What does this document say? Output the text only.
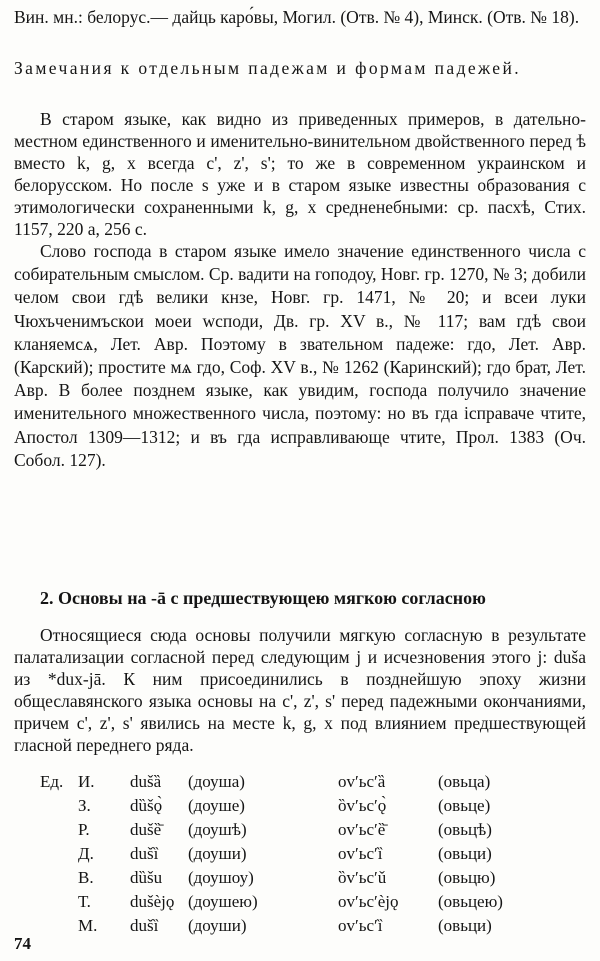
Вин. мн.: белорус.— дайць каро́вы, Могил. (Отв. № 4), Минск. (Отв. № 18).

Замечания к отдельным падежам и формам падежей.

В старом языке, как видно из приведенных примеров, в дательно-местном единственного и именительно-винительном двойственного перед ѣ вместо k, g, x всегда c', z', s'; то же в современном украинском и белорусском. Но после s уже и в старом языке известны образования с этимологически сохраненными k, g, x средненебными: ср. пасхѣ, Стих. 1157, 220 а, 256 с.

Слово господа в старом языке имело значение единственного числа с собирательным смыслом. Ср. вадити на гоподоу, Новг. гр. 1270, № 3; добили челом свои гдѣ велики кнзе, Новг. гр. 1471, № 20; и всеи луки Чюхъченимъскои моеи wсподи, Дв. гр. XV в., № 117; вам гдѣ свои кланяемсѧ, Лет. Авр. Поэтому в звательном падеже: гдо, Лет. Авр. (Карский); простите мѧ гдо, Соф. XV в., № 1262 (Каринский); гдо брат, Лет. Авр. В более позднем языке, как увидим, господа получило значение именительного множественного числа, поэтому: но въ гда iсправаче чтите, Апостол 1309—1312; и въ гда исправливающе чтите, Прол. 1383 (Оч. Собол. 127).

2. Основы на -ā с предшествующею мягкою согласною

Относящиеся сюда основы получили мягкую согласную в результате палатализации согласной перед следующим j и исчезновения этого j: duša из *dux-jā. К ним присоединились в позднейшую эпоху жизни общеславянского языка основы на c', z', s' перед падежными окончаниями, причем c', z', s' явились на месте k, g, x под влиянием предшествующей гласной переднего ряда.

Ед.	И.	dušȁ	(доуша)	ovʹьcʹȁ	(овьца)
	З.	dȕšǫ̀	(доуше)	ȍvʹьcʹǫ̀	(овьце)
	Р.	dušȅ̄	(доушѣ)	ovʹьcʹȅ̄	(овьцѣ)
	Д.	dušȉ	(доуши)	ovʹьcʹȉ	(овьци)
	В.	dȕšu	(доушоу)	ȍvʹьcʹǔ	(овьцю)
	Т.	dušèjǫ	(доушею)	ovʹьcʹèjǫ	(овьцею)
	М.	dušȉ	(доуши)	ovʹьcʹȉ	(овьци)

74
